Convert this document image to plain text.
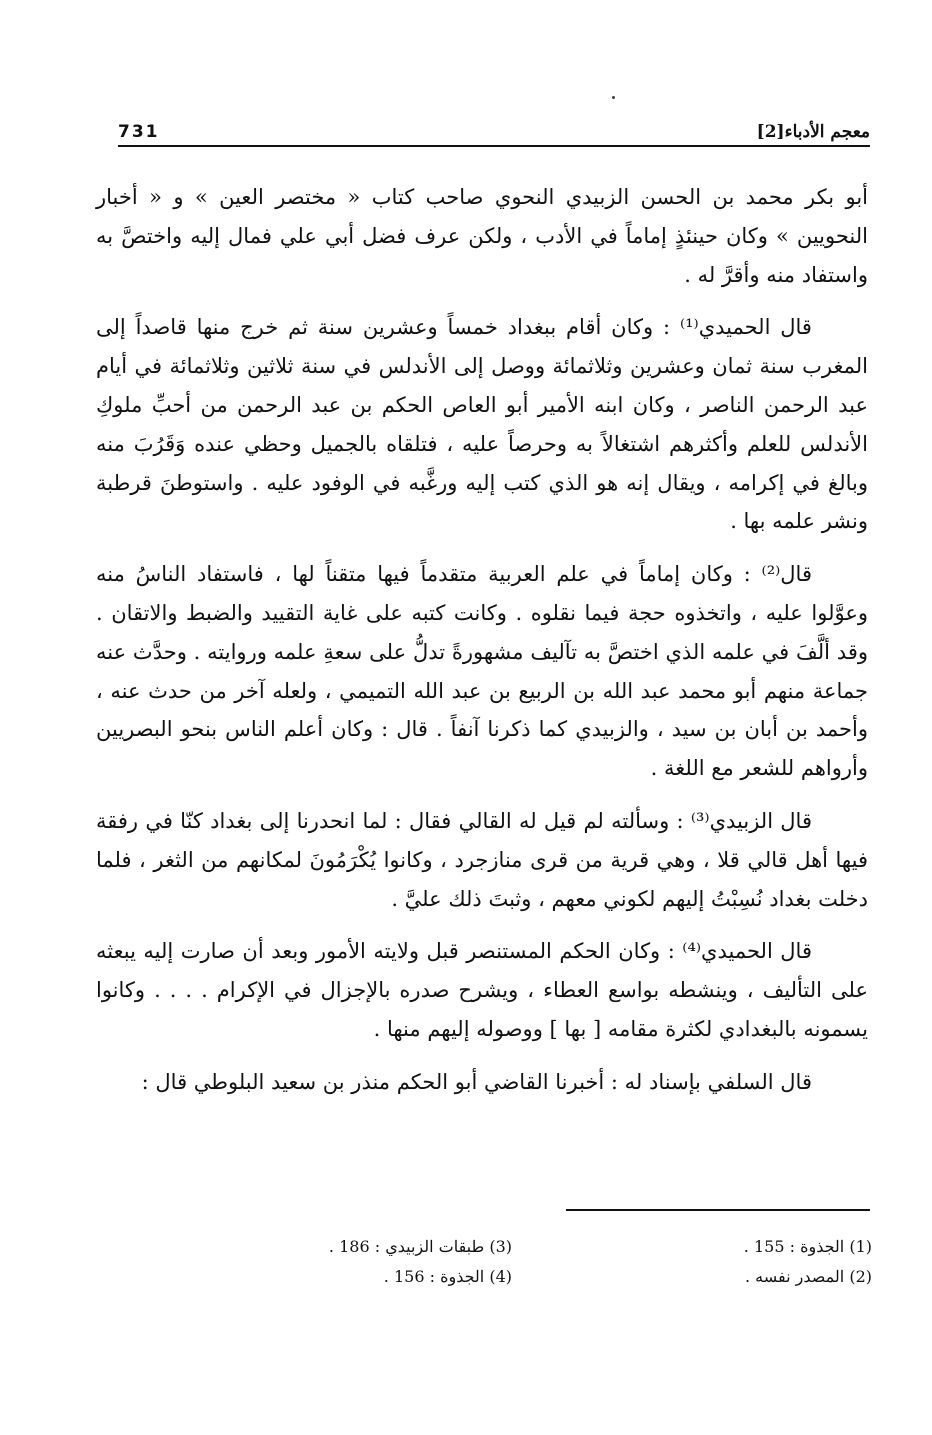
معجم الأدباء[2]
731

أبو بكر محمد بن الحسن الزبيدي النحوي صاحب كتاب « مختصر العين » و « أخبار النحويين » وكان حينئذٍ إماماً في الأدب ، ولكن عرف فضل أبي علي فمال إليه واختصَّ به واستفاد منه وأقرَّ له .

قال الحميدي⁽¹⁾ : وكان أقام ببغداد خمساً وعشرين سنة ثم خرج منها قاصداً إلى المغرب سنة ثمان وعشرين وثلاثمائة ووصل إلى الأندلس في سنة ثلاثين وثلاثمائة في أيام عبد الرحمن الناصر ، وكان ابنه الأمير أبو العاص الحكم بن عبد الرحمن من أحبِّ ملوكِ الأندلس للعلم وأكثرهم اشتغالاً به وحرصاً عليه ، فتلقاه بالجميل وحظي عنده وَقَرُبَ منه وبالغ في إكرامه ، ويقال إنه هو الذي كتب إليه ورغَّبه في الوفود عليه . واستوطنَ قرطبة ونشر علمه بها .

قال⁽²⁾ : وكان إماماً في علم العربية متقدماً فيها متقناً لها ، فاستفاد الناسُ منه وعوَّلوا عليه ، واتخذوه حجة فيما نقلوه . وكانت كتبه على غاية التقييد والضبط والاتقان . وقد ألَّفَ في علمه الذي اختصَّ به تآليف مشهورةً تدلُّ على سعةِ علمه وروايته . وحدَّث عنه جماعة منهم أبو محمد عبد الله بن الربيع بن عبد الله التميمي ، ولعله آخر من حدث عنه ، وأحمد بن أبان بن سيد ، والزبيدي كما ذكرنا آنفاً . قال : وكان أعلم الناس بنحو البصريين وأرواهم للشعر مع اللغة .

قال الزبيدي⁽³⁾ : وسألته لم قيل له القالي فقال : لما انحدرنا إلى بغداد كنّا في رفقة فيها أهل قالي قلا ، وهي قرية من قرى منازجرد ، وكانوا يُكْرَمُونَ لمكانهم من الثغر ، فلما دخلت بغداد نُسِبْتُ إليهم لكوني معهم ، وثبتَ ذلك عليَّ .

قال الحميدي⁽⁴⁾ : وكان الحكم المستنصر قبل ولايته الأمور وبعد أن صارت إليه يبعثه على التأليف ، وينشطه بواسع العطاء ، ويشرح صدره بالإجزال في الإكرام . . . . وكانوا يسمونه بالبغدادي لكثرة مقامه [ بها ] ووصوله إليهم منها .

قال السلفي بإسناد له : أخبرنا القاضي أبو الحكم منذر بن سعيد البلوطي قال :

(1) الجذوة : 155 .
(2) المصدر نفسه .
(3) طبقات الزبيدي : 186 .
(4) الجذوة : 156 .
